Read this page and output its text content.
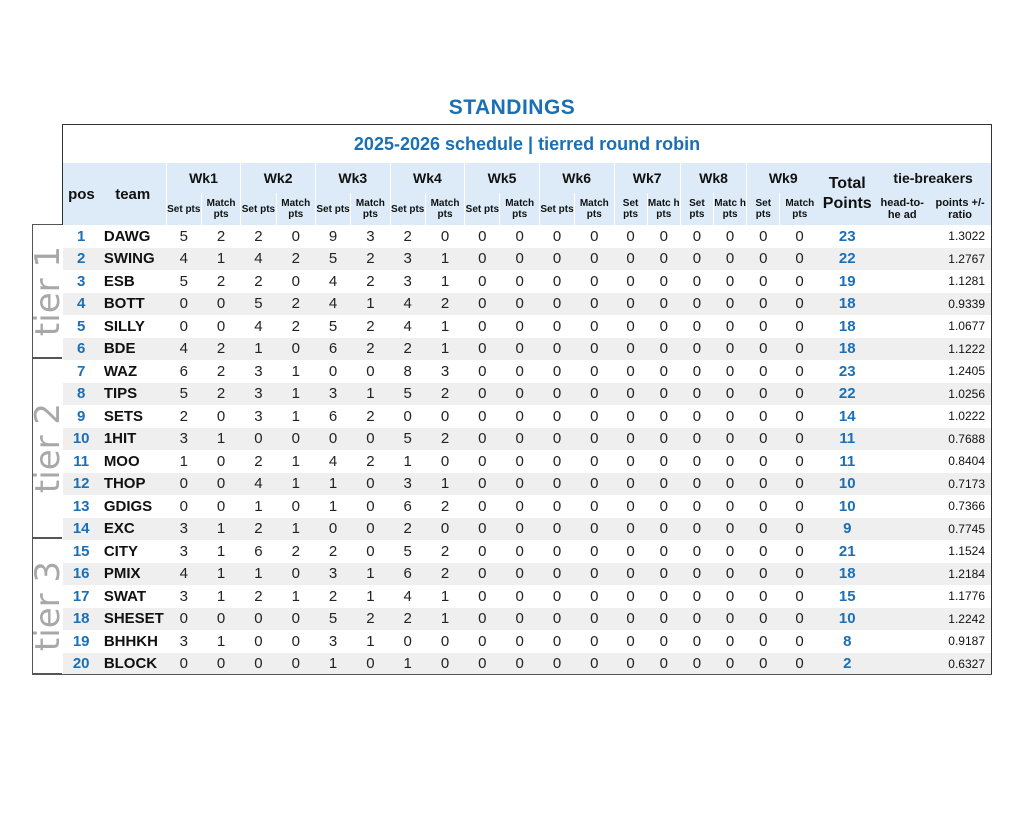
STANDINGS
2025-2026 schedule | tierred round robin																						
pos	team	Wk1		Wk2		Wk3		Wk4		Wk5		Wk6		Wk7		Wk8		Wk9		Total Points	tie-breakers	
		Set pts	Match pts	Set pts	Match pts	Set pts	Match pts	Set pts	Match pts	Set pts	Match pts	Set pts	Match pts	Set pts	Matc h pts	Set pts	Matc h pts	Set pts	Match pts		head-to-he ad	points +/- ratio
1	DAWG	5	2	2	0	9	3	2	0	0	0	0	0	0	0	0	0	0	0	23		1.3022
2	SWING	4	1	4	2	5	2	3	1	0	0	0	0	0	0	0	0	0	0	22		1.2767
3	ESB	5	2	2	0	4	2	3	1	0	0	0	0	0	0	0	0	0	0	19		1.1281
4	BOTT	0	0	5	2	4	1	4	2	0	0	0	0	0	0	0	0	0	0	18		0.9339
5	SILLY	0	0	4	2	5	2	4	1	0	0	0	0	0	0	0	0	0	0	18		1.0677
6	BDE	4	2	1	0	6	2	2	1	0	0	0	0	0	0	0	0	0	0	18		1.1222
7	WAZ	6	2	3	1	0	0	8	3	0	0	0	0	0	0	0	0	0	0	23		1.2405
8	TIPS	5	2	3	1	3	1	5	2	0	0	0	0	0	0	0	0	0	0	22		1.0256
9	SETS	2	0	3	1	6	2	0	0	0	0	0	0	0	0	0	0	0	0	14		1.0222
10	1HIT	3	1	0	0	0	0	5	2	0	0	0	0	0	0	0	0	0	0	11		0.7688
11	MOO	1	0	2	1	4	2	1	0	0	0	0	0	0	0	0	0	0	0	11		0.8404
12	THOP	0	0	4	1	1	0	3	1	0	0	0	0	0	0	0	0	0	0	10		0.7173
13	GDIGS	0	0	1	0	1	0	6	2	0	0	0	0	0	0	0	0	0	0	10		0.7366
14	EXC	3	1	2	1	0	0	2	0	0	0	0	0	0	0	0	0	0	0	9		0.7745
15	CITY	3	1	6	2	2	0	5	2	0	0	0	0	0	0	0	0	0	0	21		1.1524
16	PMIX	4	1	1	0	3	1	6	2	0	0	0	0	0	0	0	0	0	0	18		1.2184
17	SWAT	3	1	2	1	2	1	4	1	0	0	0	0	0	0	0	0	0	0	15		1.1776
18	SHESET	0	0	0	0	5	2	2	1	0	0	0	0	0	0	0	0	0	0	10		1.2242
19	BHHKH	3	1	0	0	3	1	0	0	0	0	0	0	0	0	0	0	0	0	8		0.9187
20	BLOCK	0	0	0	0	1	0	1	0	0	0	0	0	0	0	0	0	0	0	2		0.6327
tier 1
tier 2
tier 3
